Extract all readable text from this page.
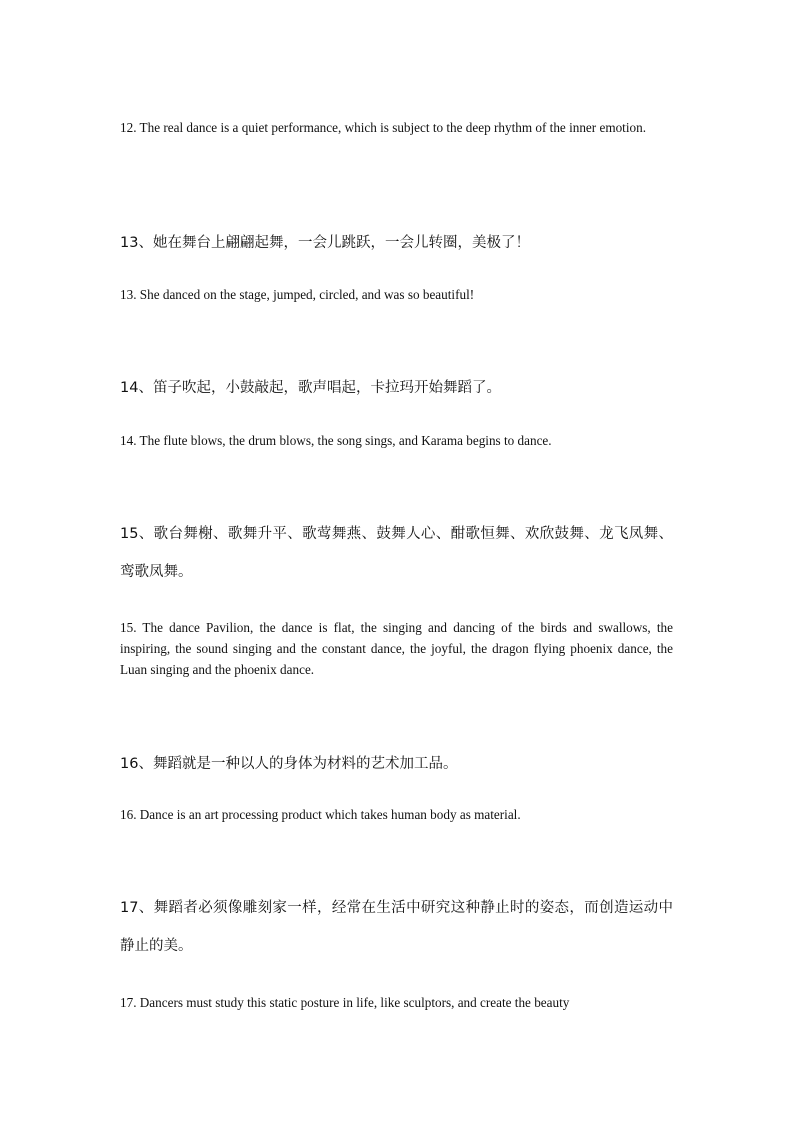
12. The real dance is a quiet performance, which is subject to the deep rhythm of the inner emotion.

13、她在舞台上翩翩起舞，一会儿跳跃，一会儿转圈，美极了！

13. She danced on the stage, jumped, circled, and was so beautiful!

14、笛子吹起，小鼓敲起，歌声唱起，卡拉玛开始舞蹈了。

14. The flute blows, the drum blows, the song sings, and Karama begins to dance.

15、歌台舞榭、歌舞升平、歌莺舞燕、鼓舞人心、酣歌恒舞、欢欣鼓舞、龙飞凤舞、鸾歌凤舞。

15. The dance Pavilion, the dance is flat, the singing and dancing of the birds and swallows, the inspiring, the sound singing and the constant dance, the joyful, the dragon flying phoenix dance, the Luan singing and the phoenix dance.

16、舞蹈就是一种以人的身体为材料的艺术加工品。

16. Dance is an art processing product which takes human body as material.

17、舞蹈者必须像雕刻家一样，经常在生活中研究这种静止时的姿态，而创造运动中静止的美。

17. Dancers must study this static posture in life, like sculptors, and create the beauty
